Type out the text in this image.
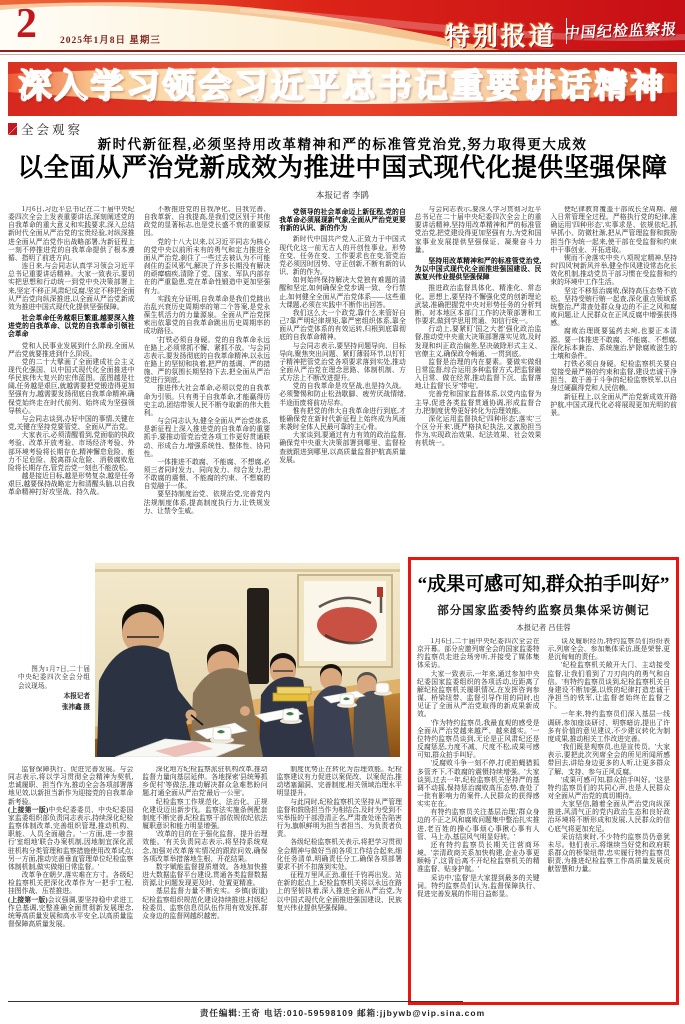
2 2025年1月8日 星期三	特别报道 中国纪检监察报
深入学习领会习近平总书记重要讲话精神
全会观察
新时代新征程,必须坚持用改革精神和严的标准管党治党,努力取得更大成效
以全面从严治党新成效为推进中国式现代化提供坚强保障
本报记者 李鹍

1月6日,习近平总书记在二十届中央纪委四次全会上发表重要讲话,深刻阐述党的自我革命的重大意义和实践要求,深入总结新时代全面从严治党的宝贵经验,对纵深推进全面从严治党作出战略部署,为新征程上一刻不停推进党的自我革命提供了根本遵循、指明了前进方向。

连日来,与会同志认真学习领会习近平总书记重要讲话精神。大家一致表示,要切实把思想和行动统一到党中央决策部署上来,坚定不移正风肃纪反腐,坚定不移把全面从严治党向纵深推进,以全面从严治党新成效为推进中国式现代化提供坚强保障。

社会革命任务越艰巨繁重,越要深入推进党的自我革命、以党的自我革命引领社会革命

党和人民事业发展到什么阶段,全面从严治党就要推进到什么阶段。

党的二十大擘画了全面建成社会主义现代化强国、以中国式现代化全面推进中华民族伟大复兴的宏伟蓝图。蓝图越是壮阔,任务越是艰巨,就越需要把党锻造得更加坚强有力,越需要发扬彻底自我革命精神,确保党始终走在时代前列、始终成为坚强领导核心。

与会同志谈到,办好中国的事情,关键在党,关键在坚持党要管党、全面从严治党。

大家表示,必须清醒看到,党面临的执政考验、改革开放考验、市场经济考验、外部环境考验将长期存在,精神懈怠危险、能力不足危险、脱离群众危险、消极腐败危险将长期存在,管党治党一刻也不能放松。

越是接近目标,越是形势复杂,越是任务艰巨,越要保持战略定力和清醒头脑,以自我革命精神打好攻坚战、持久战。

不断推进党的自我净化、自我完善、自我革新、自我提高,是我们党区别于其他政党的显著标志,也是党长盛不衰的重要原因。

党的十八大以来,以习近平同志为核心的党中央以前所未有的勇气和定力推进全面从严治党,刹住了一些过去被认为不可能刹住的歪风邪气,解决了许多长期没有解决的顽瘴痼疾,清除了党、国家、军队内部存在的严重隐患,党在革命性锻造中更加坚强有力。

实践充分证明,自我革命是我们党跳出治乱兴衰历史周期率的第二个答案,是党永葆生机活力的力量源泉。全面从严治党探索出依靠党的自我革命跳出历史周期率的成功路径。

'打铁必须自身硬。党的自我革命永远在路上,必须常抓不懈、紧抓不放。'与会同志表示,要发扬彻底的自我革命精神,以永远在路上的坚韧和执着,把严的基调、严的措施、严的氛围长期坚持下去,把全面从严治党进行到底。

推进伟大社会革命,必须以党的自我革命为引领。只有勇于自我革命,才能赢得历史主动,团结带领人民不断夺取新的伟大胜利。

与会同志认为,健全全面从严治党体系,是新征程上深入推进党的自我革命的重要抓手,要推动管党治党各项工作更好贯通联动、形成合力,增强系统性、整体性、协同性。

一体推进不敢腐、不能腐、不想腐,必须三者同时发力、同向发力、综合发力,把不敢腐的震慑、不能腐的约束、不想腐的自觉融于一体。

要坚持制度治党、依规治党,完善党内法规制度体系,提高制度执行力,让铁规发力、让禁令生威。

党领导的社会革命迈上新征程,党的自我革命必须展现新气象,全面从严治党更要有新的认识、新的作为

新时代中国共产党人,正致力于中国式现代化这一前无古人的开创性事业。形势在变、任务在变、工作要求也在变,管党治党必须因时因势、守正创新,不断有新的认识、新的作为。

如何始终保持解决大党独有难题的清醒和坚定,如何确保全党步调一致、令行禁止,如何健全全面从严治党体系——这些重大课题,必须在实践中不断作出回答。

我们这么大一个政党,靠什么来管好自己?靠严明纪律规矩,靠严密组织体系,靠全面从严治党体系的有效运转,归根到底靠彻底的自我革命精神。

与会同志表示,要坚持问题导向、目标导向,聚焦突出问题、紧盯薄弱环节,以钉钉子精神把管党治党各项要求落到实处,推动全面从严治党在理念思路、体制机制、方式方法上不断改进提升。

党的自我革命是攻坚战,也是持久战。必须警惕和防止松劲歇脚、疲劳厌战情绪,半途而废将前功尽弃。

惟有把党的伟大自我革命进行到底,才能确保党在新时代新征程上始终成为风雨来袭时全体人民最可靠的主心骨。

大家谈到,要通过有力有效的政治监督,确保党中央重大决策部署到哪里、监督检查就跟进到哪里,以高质量监督护航高质量发展。

与会同志表示,要深入学习贯彻习近平总书记在二十届中央纪委四次全会上的重要讲话精神,坚持用改革精神和严的标准管党治党,把党建设得更加坚强有力,为党和国家事业发展提供坚强保证、凝聚奋斗力量。

坚持用改革精神和严的标准管党治党,为以中国式现代化全面推进强国建设、民族复兴伟业提供坚强保障

推进政治监督具体化、精准化、常态化。思想上,要坚持不懈强化党的创新理论武装,准确把握党中央对形势任务的分析判断、对本地区本部门工作的决策部署和工作要求,做到学思用贯通、知信行统一。

行动上,要紧盯'国之大者'强化政治监督,推动党中央重大决策部署落实见效,及时发现和纠正政治偏差,坚决破除形式主义、官僚主义,确保政令畅通、一贯到底。

监督是治理的内在要素。要做实做细日常监督,综合运用多种监督方式,把监督融入日常、做在经常,推动监督下沉、监督落地,让监督'长牙''带电'。

完善党和国家监督体系,以党内监督为主导,促进各类监督贯通协调,形成监督合力,把制度优势更好转化为治理效能。

深化运用监督执纪'四种形态',落实'三个区分开来',既严格执纪执法,又激励担当作为,实现政治效果、纪法效果、社会效果有机统一。

使纪律教育覆盖干部成长全周期、融入日常管理全过程。严格执行党的纪律,准确运用'四种形态',实事求是、依规依纪,抓早抓小、防微杜渐,把从严管理监督和鼓励担当作为统一起来,使干部在受监督和约束中干事创业、开拓进取。

锲而不舍落实中央八项规定精神,坚持纠'四风'树新风并举,健全作风建设常态化长效化机制,推动党员干部习惯在受监督和约束的环境中工作生活。

坚定不移惩治腐败,保持高压态势不放松。坚持受贿行贿一起查,深化重点领域系统整治,严肃查处群众身边的不正之风和腐败问题,让人民群众在正风反腐中增强获得感。

腐败治理既要猛药去疴,也要正本清源。要一体推进不敢腐、不能腐、不想腐,深化标本兼治、系统施治,铲除腐败滋生的土壤和条件。

打铁必须自身硬。纪检监察机关要自觉接受最严格的约束和监督,建设忠诚干净担当、敢于善于斗争的纪检监察铁军,以自身过硬赢得党和人民信赖。

新征程上,以全面从严治党新成效开路护航,中国式现代化必将展现更加光明的前景。

图为1月7日,二十届中央纪委四次全会分组会议现场。

本报记者

张祎鑫 摄

监督保障执行、促进完善发展。与会同志表示,将以学习贯彻全会精神为契机,忠诚履职、担当作为,推动全会各项部署落地见效,以新担当新作为迎接党的自我革命新考验。

(上接第一版)中央纪委委员、中央纪委国家监委组织部负责同志表示,持续深化纪检监察体制改革,完善组织管理,推动机构、职能、人员全面融合。'一方面,进一步推行'室组地'联合办案机制,因地制宜深化派驻机构分类管理和监察措施使用改革试点;另一方面,推动完善垂直管理单位纪检监察体制机制,做实做细日常监督。'

改革争在朝夕,落实难在方寸。各级纪检监察机关把深化改革作为'一把手'工程,挂图作战、压茬推进。

(上接第一版)会议强调,要坚持稳中求进工作总基调,完整准确全面贯彻新发展理念,统筹高质量发展和高水平安全,以高质量监督保障高质量发展。

深化地方纪检监察派驻机构改革,推动监督力量向基层延伸。各地探索'县统筹抓乡促村'等做法,推动解决群众急难愁盼问题,打通全面从严治党'最后一公里'。

纪检监察工作规范化、法治化、正规化建设迈出新步伐。监察法实施条例配套制度不断完善,纪检监察干部依规依纪依法履职意识和能力明显增强。

'改革的目的在于强化监督、提升治理效能。'有关负责同志表示,将坚持系统观念,加强对改革落实情况的跟踪问效,确保各项改革举措落地生根、开花结果。

数字赋能监督提质增效。各地加快推进大数据监督平台建设,贯通各类监督数据资源,让问题发现更及时、处置更精准。

基层监督力量不断充实。乡镇(街道)纪检监察组织规范化建设持续推进,村级纪检委员、监察信息员队伍作用有效发挥,群众身边的监督网越织越密。

制度优势正在转化为治理效能。纪检监察建议有力促进以案促改、以案促治,推动堵塞漏洞、完善制度,相关领域治理水平明显提升。

与此同时,纪检监察机关坚持从严管理监督和鼓励担当作为相结合,及时为受到不实举报的干部澄清正名,严肃查处诬告陷害行为,旗帜鲜明为担当者担当、为负责者负责。

各级纪检监察机关表示,将把学习贯彻全会精神与做好当前各项工作结合起来,细化任务清单,明确责任分工,确保各项部署要求不折不扣落到实处。

征程万里风正劲,重任千钧再出发。站在新的起点上,纪检监察机关将以永远在路上的坚韧执着,深入推进全面从严治党,为以中国式现代化全面推进强国建设、民族复兴伟业提供坚强保障。

“成果可感可知,群众拍手叫好”
部分国家监委特约监察员集体采访侧记
本报记者 吕佳蓉

1月6日,二十届中央纪委四次全会在京开幕。部分应邀列席全会的国家监委特约监察员走进会场旁听,并接受了媒体集体采访。

大家一致表示,一年来,通过参加中央纪委国家监委组织的各项活动,近距离了解纪检监察机关履职情况,在发挥咨询参谋、桥梁纽带、监督引导作用的同时,也见证了全面从严治党取得的新成果新成效。

'作为特约监察员,我最直观的感受是全面从严治党越来越严、越来越实。'一位特约监察员谈到,无论是正风肃纪还是反腐惩恶,力度不减、尺度不松,成果可感可知,群众拍手叫好。

'反腐败斗争一刻不停,打虎拍蝇猎狐多管齐下,不敢腐的震慑持续增强。'大家谈到,过去一年,纪检监察机关坚持严的基调不动摇,保持惩治腐败高压态势,查处了一批有影响力的案件,人民群众的获得感实实在在。

有特约监察员关注基层治理,'群众身边的不正之风和腐败问题集中整治扎实推进,老百姓的操心事烦心事揪心事有人管、马上办,基层风气明显好转。'

还有特约监察员长期关注营商环境。'亲清政商关系加快构建,企业办事更顺畅了,这背后离不开纪检监察机关的精准监督、贴身护航。'

采访中,'监督'是大家提到最多的关键词。特约监察员们认为,监督保障执行、促进完善发展的作用日益彰显。

谈及履职经历,特约监察员们纷纷表示,列席全会、参加集体采访,既是荣誉,更是沉甸甸的责任。

'纪检监察机关敞开大门、主动接受监督,让我们看到了刀刃向内的勇气和自信。'有特约监察员谈到,纪检监察机关自身建设不断加强,以铁的纪律打造忠诚干净担当的铁军,让监督者始终在监督之下。

一年来,特约监察员们深入基层一线调研,参加座谈研讨、明察暗访,提出了许多有价值的意见建议,不少建议转化为制度成果,推动相关工作改进完善。

'我们既是观察员,也是宣传员。'大家表示,要把此次列席全会的所见所闻所感带回去,讲给身边更多的人听,让更多群众了解、支持、参与正风反腐。

'成果可感可知,群众拍手叫好。'这是特约监察员们的共同心声,也是人民群众对全面从严治党的真切期待。

大家坚信,随着全面从严治党向纵深推进,风清气正的党内政治生态和良好政治环境将不断形成和发展,人民群众的信心底气将更加充足。

采访结束时,不少特约监察员仍意犹未尽。他们表示,将继续当好党和政府联系群众的桥梁纽带,忠实履行特约监察员职责,为推进纪检监察工作高质量发展贡献智慧和力量。

责任编辑:王奇 电话:010-59598109 邮箱:jjbywb@vip.sina.com
